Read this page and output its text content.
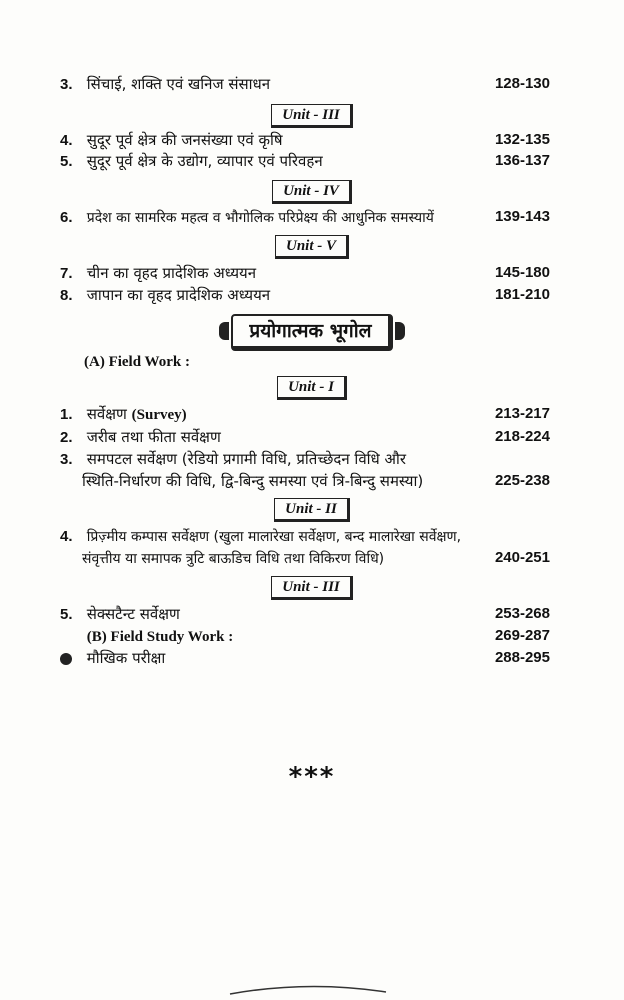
3. सिंचाई, शक्ति एवं खनिज संसाधन	128-130
Unit - III
4. सुदूर पूर्व क्षेत्र की जनसंख्या एवं कृषि	132-135
5. सुदूर पूर्व क्षेत्र के उद्योग, व्यापार एवं परिवहन	136-137
Unit - IV
6. प्रदेश का सामरिक महत्व व भौगोलिक परिप्रेक्ष्य की आधुनिक समस्यायें	139-143
Unit - V
7. चीन का वृहद प्रादेशिक अध्ययन	145-180
8. जापान का वृहद प्रादेशिक अध्ययन	181-210
प्रयोगात्मक भूगोल
(A) Field Work :
Unit - I
1. सर्वेक्षण (Survey)	213-217
2. जरीब तथा फीता सर्वेक्षण	218-224
3. समपटल सर्वेक्षण (रेडियो प्रगामी विधि, प्रतिच्छेदन विधि और
स्थिति-निर्धारण की विधि, द्वि-बिन्दु समस्या एवं त्रि-बिन्दु समस्या)	225-238
Unit - II
4. प्रिज़्मीय कम्पास सर्वेक्षण (खुला मालारेखा सर्वेक्षण, बन्द मालारेखा सर्वेक्षण,
संवृत्तीय या समापक त्रुटि बाऊडिच विधि तथा विकिरण विधि)	240-251
Unit - III
5. सेक्सटैन्ट सर्वेक्षण	253-268
(B) Field Study Work :	269-287
मौखिक परीक्षा	288-295
***
